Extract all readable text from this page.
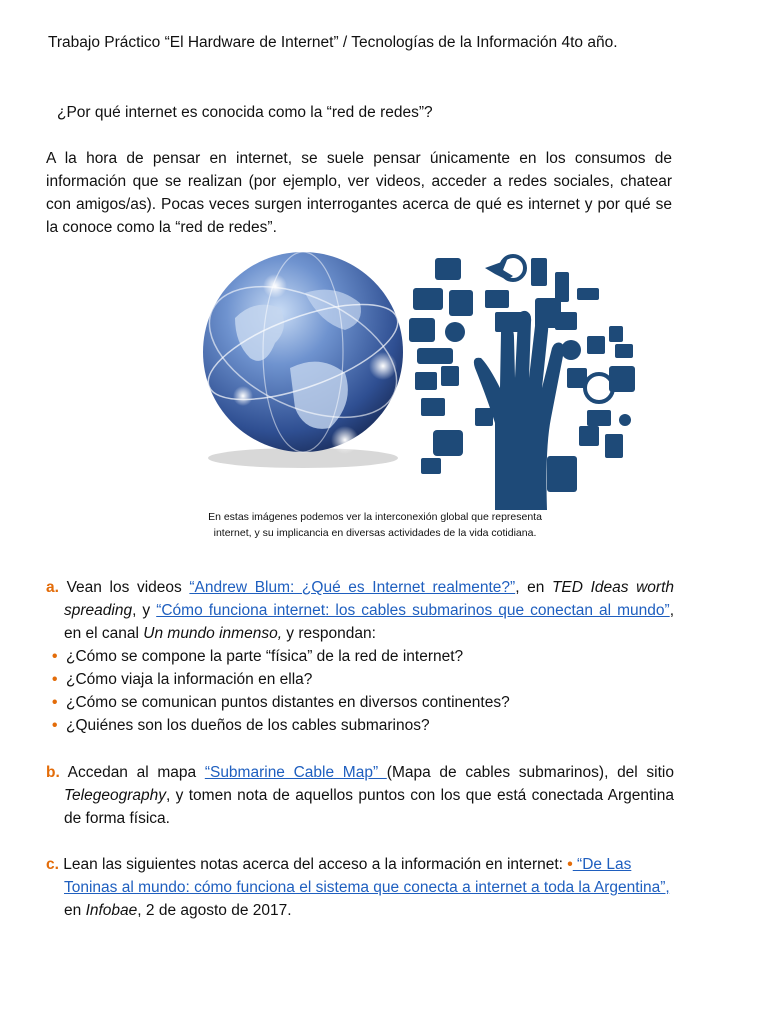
Trabajo Práctico “El Hardware de Internet” / Tecnologías de la Información 4to año.
¿Por qué internet es conocida como la “red de redes”?
A la hora de pensar en internet, se suele pensar únicamente en los consumos de información que se realizan (por ejemplo, ver videos, acceder a redes sociales, chatear con amigos/as). Pocas veces surgen interrogantes acerca de qué es internet y por qué se la conoce como la “red de redes”.
En estas imágenes podemos ver la interconexión global que representa
internet, y su implicancia en diversas actividades de la vida cotidiana.
a. Vean los videos “Andrew Blum: ¿Qué es Internet realmente?”, en TED Ideas worth spreading, y “Cómo funciona internet: los cables submarinos que conectan al mundo”, en el canal Un mundo inmenso, y respondan:
• ¿Cómo se compone la parte “física” de la red de internet?
• ¿Cómo viaja la información en ella?
• ¿Cómo se comunican puntos distantes en diversos continentes?
• ¿Quiénes son los dueños de los cables submarinos?
b. Accedan al mapa “Submarine Cable Map” (Mapa de cables submarinos), del sitio Telegeography, y tomen nota de aquellos puntos con los que está conectada Argentina de forma física.
c. Lean las siguientes notas acerca del acceso a la información en internet: • “De Las Toninas al mundo: cómo funciona el sistema que conecta a internet a toda la Argentina”, en Infobae, 2 de agosto de 2017.
